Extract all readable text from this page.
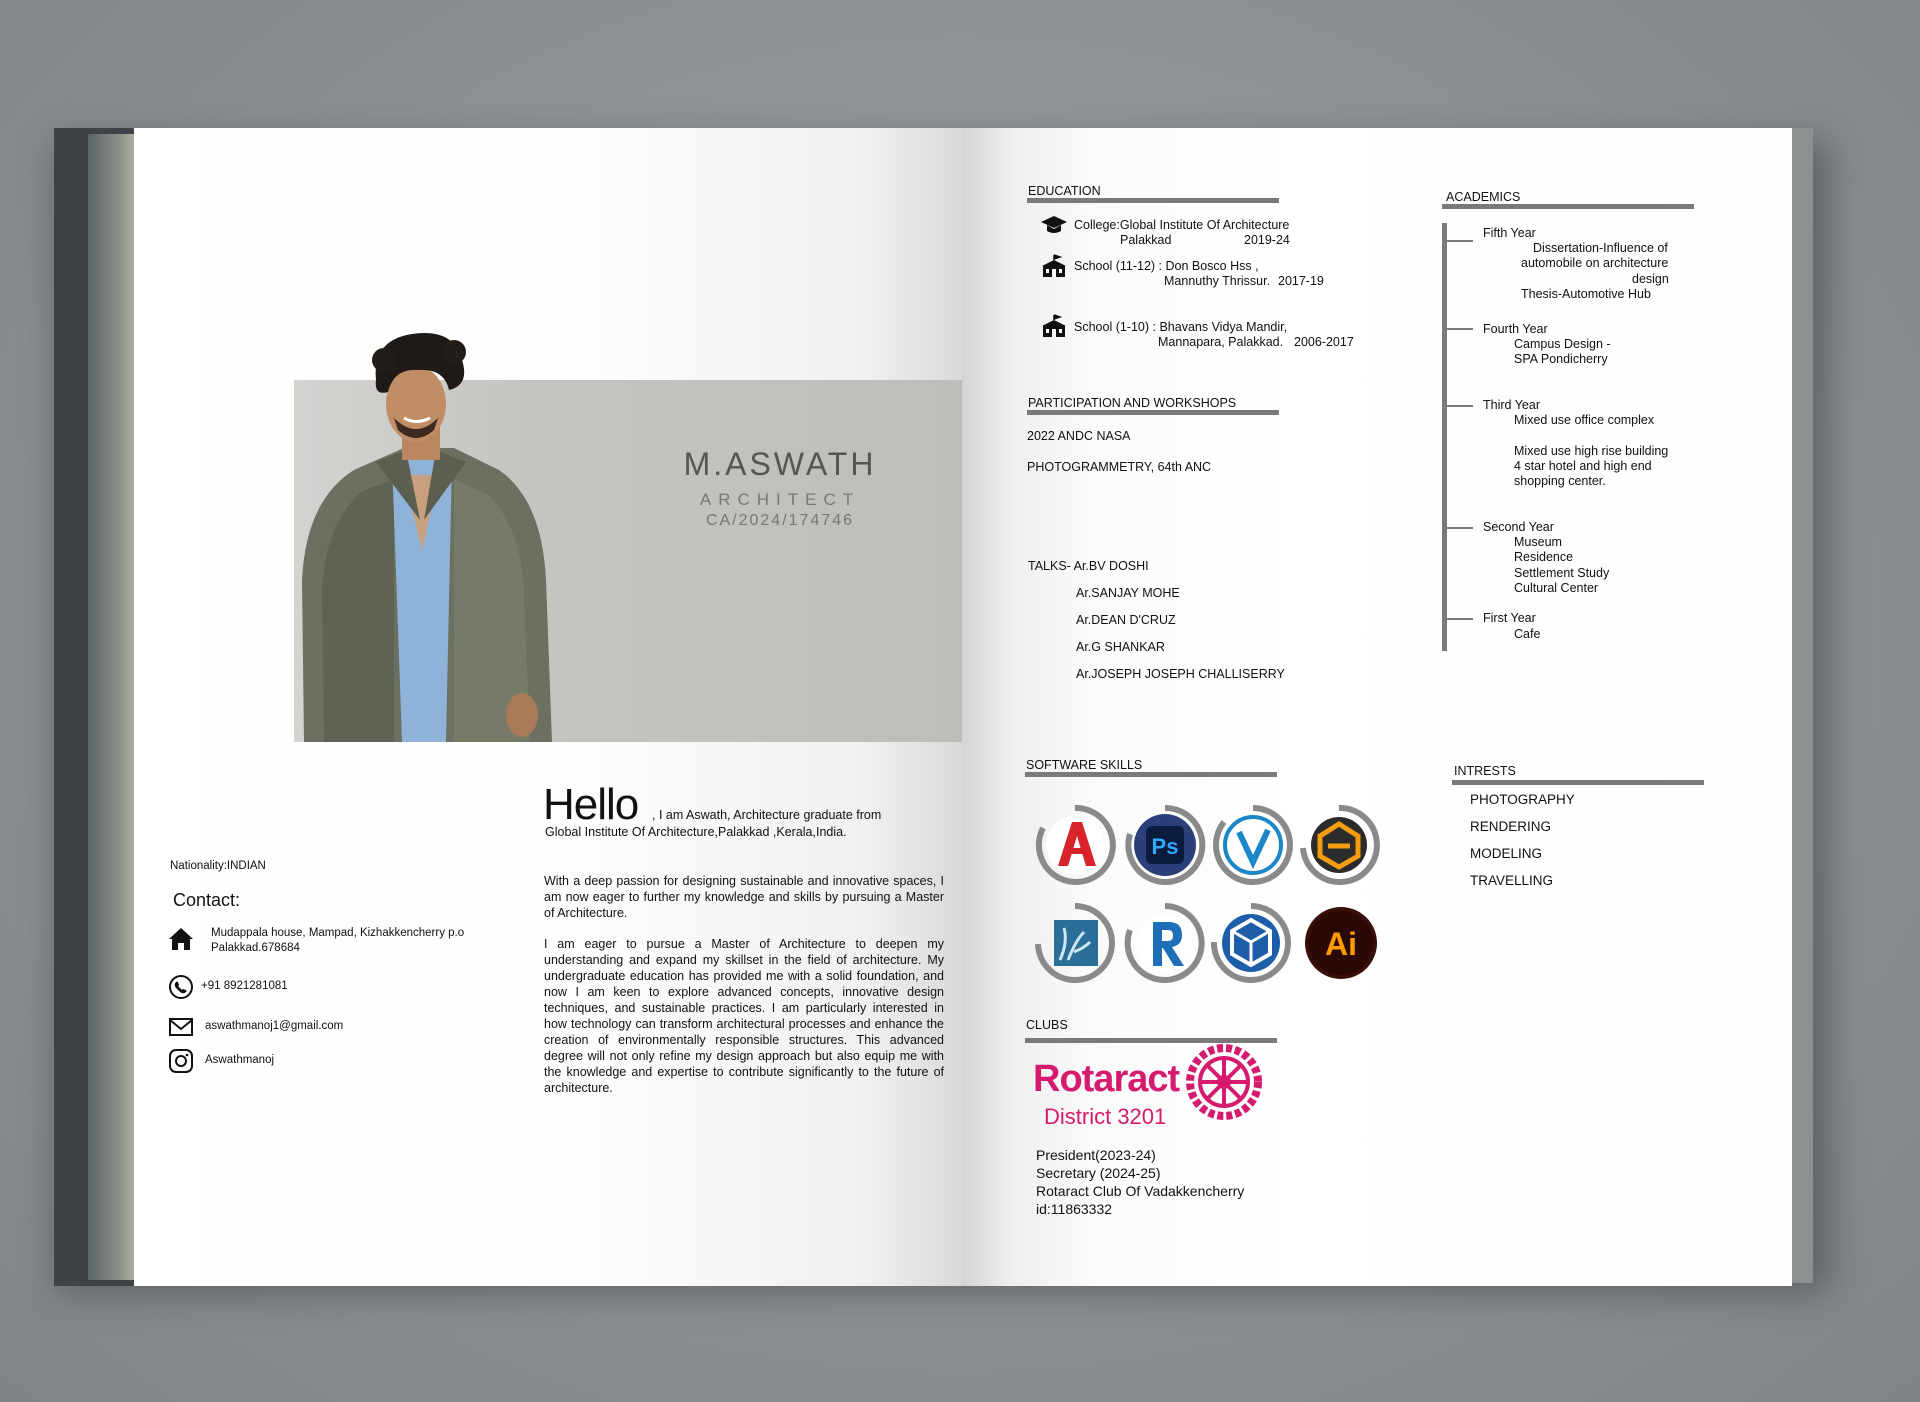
M.ASWATH
ARCHITECT
CA/2024/174746
Hello , I am Aswath, Architecture graduate from
Global Institute Of Architecture,Palakkad ,Kerala,India.
With a deep passion for designing sustainable and innovative spaces, I am now eager to further my knowledge and skills by pursuing a Master of Architecture.
I am eager to pursue a Master of Architecture to deepen my understanding and expand my skillset in the field of architecture. My undergraduate education has provided me with a solid foundation, and now I am keen to explore advanced concepts, innovative design techniques, and sustainable practices. I am particularly interested in how technology can transform architectural processes and enhance the creation of environmentally responsible structures. This advanced degree will not only refine my design approach but also equip me with the knowledge and expertise to contribute significantly to the future of architecture.
Nationality:INDIAN
Contact:
Mudappala house, Mampad, Kizhakkencherry p.o
Palakkad.678684
+91 8921281081
aswathmanoj1@gmail.com
Aswathmanoj
EDUCATION
College:Global Institute Of Architecture
Palakkad	2019-24
School (11-12) : Don Bosco Hss ,
Mannuthy Thrissur. 2017-19
School (1-10) : Bhavans Vidya Mandir,
Mannapara, Palakkad. 2006-2017
PARTICIPATION AND WORKSHOPS
2022 ANDC NASA
PHOTOGRAMMETRY, 64th ANC
TALKS- Ar.BV DOSHI
Ar.SANJAY MOHE
Ar.DEAN D'CRUZ
Ar.G SHANKAR
Ar.JOSEPH JOSEPH CHALLISERRY
SOFTWARE SKILLS
Ps
Ai
CLUBS
Rotaract
District 3201
President(2023-24)
Secretary (2024-25)
Rotaract Club Of Vadakkencherry
id:11863332
ACADEMICS
Fifth Year
Dissertation-Influence of
automobile on architecture
design
Thesis-Automotive Hub
Fourth Year
Campus Design -
SPA Pondicherry
Third Year
Mixed use office complex
Mixed use high rise building
4 star hotel and high end
shopping center.
Second Year
Museum
Residence
Settlement Study
Cultural Center
First Year
Cafe
INTRESTS
PHOTOGRAPHY
RENDERING
MODELING
TRAVELLING
